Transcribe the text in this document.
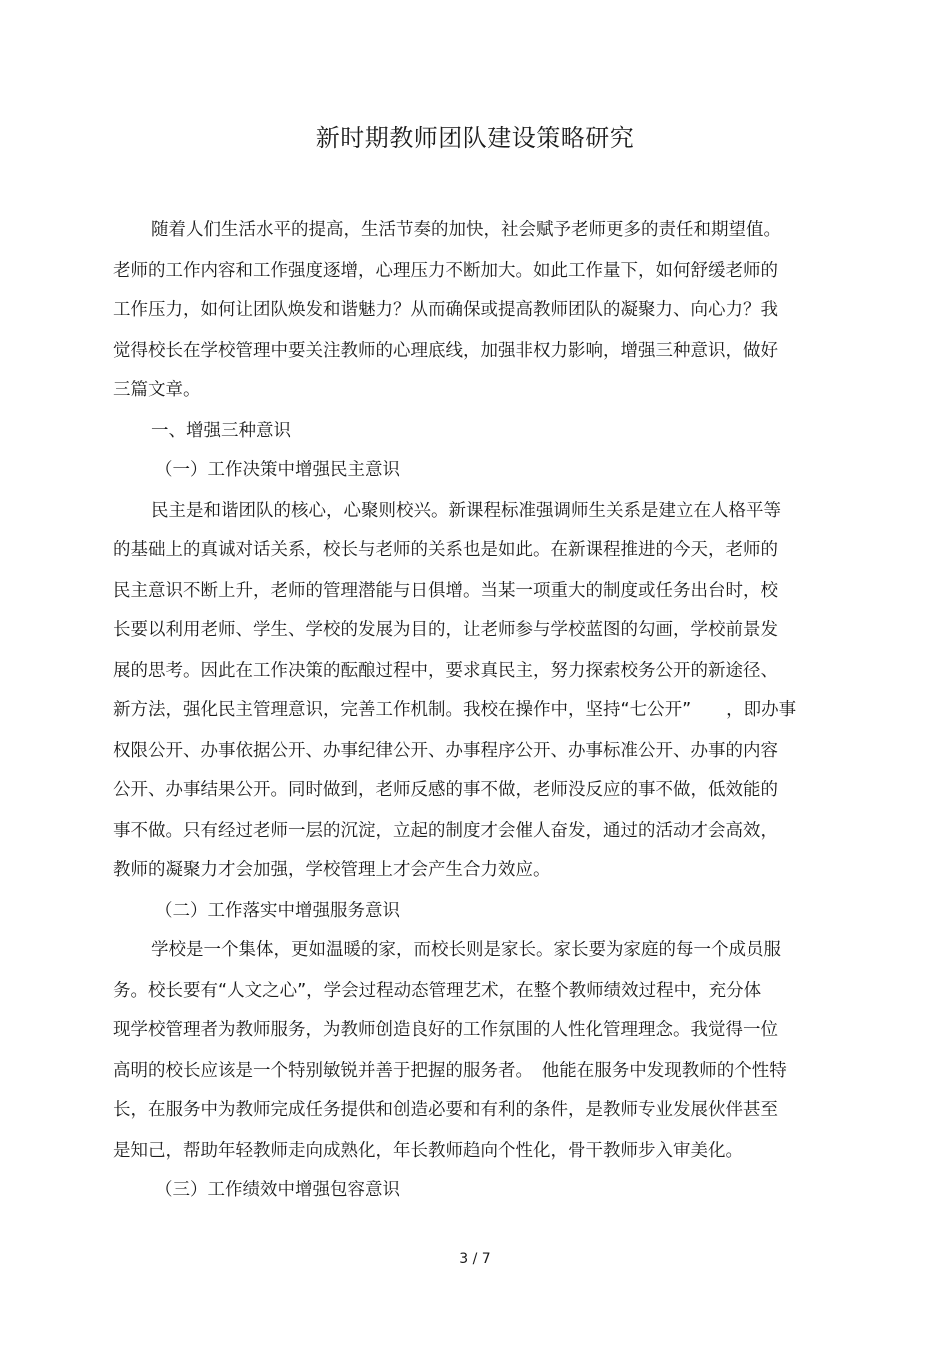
新时期教师团队建设策略研究
随着人们生活水平的提高，生活节奏的加快，社会赋予老师更多的责任和期望值。
老师的工作内容和工作强度逐增，心理压力不断加大。如此工作量下，如何舒缓老师的
工作压力，如何让团队焕发和谐魅力？从而确保或提高教师团队的凝聚力、向心力？我
觉得校长在学校管理中要关注教师的心理底线，加强非权力影响，增强三种意识，做好
三篇文章。
一、增强三种意识
（一）工作决策中增强民主意识
民主是和谐团队的核心，心聚则校兴。新课程标准强调师生关系是建立在人格平等
的基础上的真诚对话关系，校长与老师的关系也是如此。在新课程推进的今天，老师的
民主意识不断上升，老师的管理潜能与日俱增。当某一项重大的制度或任务出台时，校
长要以利用老师、学生、学校的发展为目的，让老师参与学校蓝图的勾画，学校前景发
展的思考。因此在工作决策的酝酿过程中，要求真民主，努力探索校务公开的新途径、
新方法，强化民主管理意识，完善工作机制。我校在操作中，坚持“七公开”　　，即办事
权限公开、办事依据公开、办事纪律公开、办事程序公开、办事标准公开、办事的内容
公开、办事结果公开。同时做到，老师反感的事不做，老师没反应的事不做，低效能的
事不做。只有经过老师一层的沉淀，立起的制度才会催人奋发，通过的活动才会高效，
教师的凝聚力才会加强，学校管理上才会产生合力效应。
（二）工作落实中增强服务意识
学校是一个集体，更如温暖的家，而校长则是家长。家长要为家庭的每一个成员服
务。校长要有“人文之心”，学会过程动态管理艺术，在整个教师绩效过程中，充分体
现学校管理者为教师服务，为教师创造良好的工作氛围的人性化管理理念。我觉得一位
高明的校长应该是一个特别敏锐并善于把握的服务者。　他能在服务中发现教师的个性特
长，在服务中为教师完成任务提供和创造必要和有利的条件，是教师专业发展伙伴甚至
是知己，帮助年轻教师走向成熟化，年长教师趋向个性化，骨干教师步入审美化。
（三）工作绩效中增强包容意识
3 / 7
